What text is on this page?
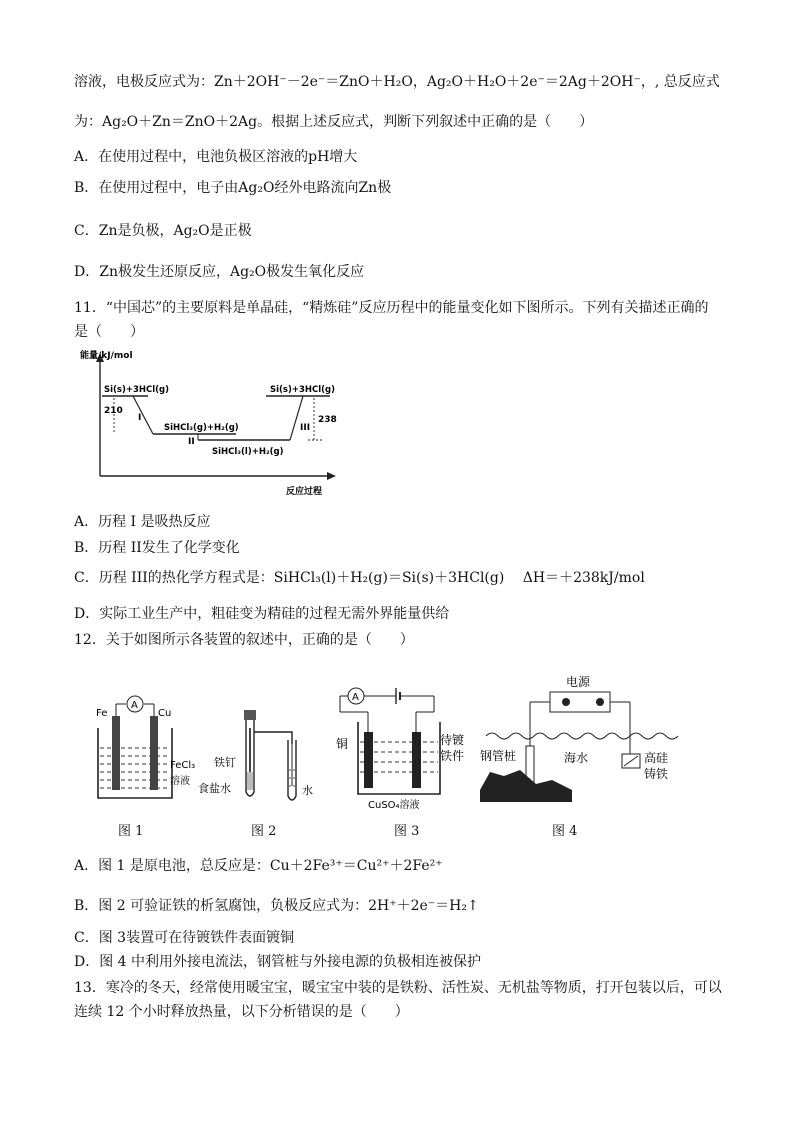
溶液，电极反应式为：Zn＋2OH⁻－2e⁻＝ZnO＋H₂O，Ag₂O＋H₂O＋2e⁻＝2Ag＋2OH⁻，, 总反应式
为：Ag₂O＋Zn＝ZnO＋2Ag。根据上述反应式，判断下列叙述中正确的是（　　）
A．在使用过程中，电池负极区溶液的pH增大
B．在使用过程中，电子由Ag₂O经外电路流向Zn极
C．Zn是负极，Ag₂O是正极
D．Zn极发生还原反应，Ag₂O极发生氧化反应
11．“中国芯”的主要原料是单晶硅，“精炼硅”反应历程中的能量变化如下图所示。下列有关描述正确的
是（　　）
能量/kJ/mol
反应过程
210
238
Si(s)+3HCl(g)	Si(s)+3HCl(g)
SiHCl₃(g)+H₂(g)
SiHCl₃(l)+H₂(g)
I
II
III
A．历程 I 是吸热反应
B．历程 II发生了化学变化
C．历程 III的热化学方程式是：SiHCl₃(l)＋H₂(g)＝Si(s)＋3HCl(g)　 ΔH＝＋238kJ/mol
D．实际工业生产中，粗硅变为精硅的过程无需外界能量供给
12．关于如图所示各装置的叙述中，正确的是（　　）
A
Fe	Cu
FeCl₃
溶液
图 1
铁钉
食盐水	水
图 2
A
铜	待镀
铁件
CuSO₄溶液
图 3
电源
钢管桩	海水	高硅
铸铁
图 4
A．图 1 是原电池，总反应是：Cu＋2Fe³⁺＝Cu²⁺＋2Fe²⁺
B．图 2 可验证铁的析氢腐蚀，负极反应式为：2H⁺＋2e⁻＝H₂↑
C．图 3装置可在待镀铁件表面镀铜
D．图 4 中利用外接电流法，钢管桩与外接电源的负极相连被保护
13．寒冷的冬天，经常使用暖宝宝，暖宝宝中装的是铁粉、活性炭、无机盐等物质，打开包装以后，可以
连续 12 个小时释放热量，以下分析错误的是（　　）
